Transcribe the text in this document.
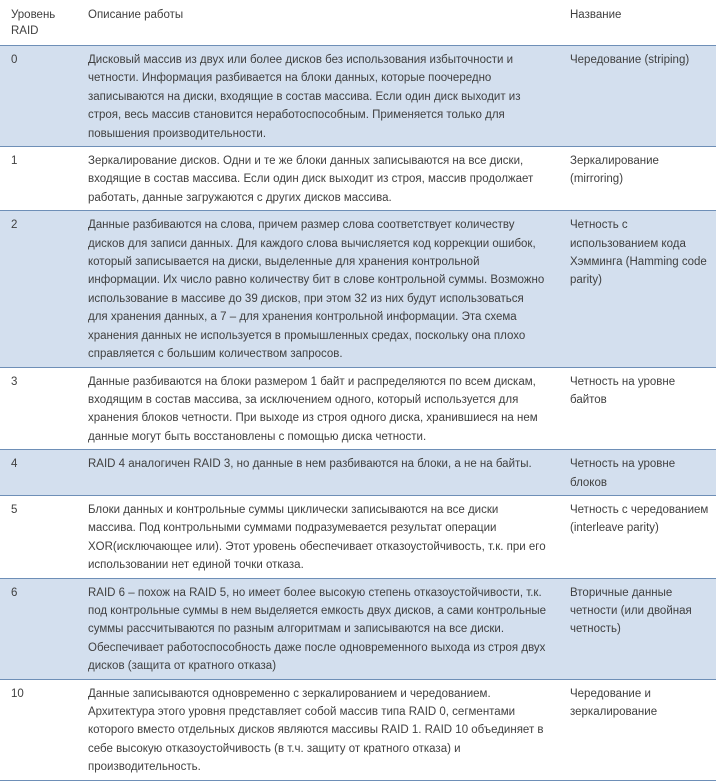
Уровень RAID	Описание работы	Название
0	Дисковый массив из двух или более дисков без использования избыточности и четности. Информация разбивается на блоки данных, которые поочередно записываются на диски, входящие в состав массива. Если один диск выходит из строя, весь массив становится неработоспособным. Применяется только для повышения производительности.	Чередование (striping)
1	Зеркалирование дисков. Одни и те же блоки данных записываются на все диски, входящие в состав массива. Если один диск выходит из строя, массив продолжает работать, данные загружаются с других дисков массива.	Зеркалирование (mirroring)
2	Данные разбиваются на слова, причем размер слова соответствует количеству дисков для записи данных. Для каждого слова вычисляется код коррекции ошибок, который записывается на диски, выделенные для хранения контрольной информации. Их число равно количеству бит в слове контрольной суммы. Возможно использование в массиве до 39 дисков, при этом 32 из них будут использоваться для хранения данных, а 7 – для хранения контрольной информации. Эта схема хранения данных не используется в промышленных средах, поскольку она плохо справляется с большим количеством запросов.	Четность с использованием кода Хэмминга (Hamming code parity)
3	Данные разбиваются на блоки размером 1 байт и распределяются по всем дискам, входящим в состав массива, за исключением одного, который используется для хранения блоков четности. При выходе из строя одного диска, хранившиеся на нем данные могут быть восстановлены с помощью диска четности.	Четность на уровне байтов
4	RAID 4 аналогичен RAID 3, но данные в нем разбиваются на блоки, а не на байты.	Четность на уровне блоков
5	Блоки данных и контрольные суммы циклически записываются на все диски массива. Под контрольными суммами подразумевается результат операции XOR(исключающее или). Этот уровень обеспечивает отказоустойчивость, т.к. при его использовании нет единой точки отказа.	Четность с чередованием (interleave parity)
6	RAID 6 – похож на RAID 5, но имеет более высокую степень отказоустойчивости, т.к. под контрольные суммы в нем выделяется емкость двух дисков, а сами контрольные суммы рассчитываются по разным алгоритмам и записываются на все диски. Обеспечивает работоспособность даже после одновременного выхода из строя двух дисков (защита от кратного отказа)	Вторичные данные четности (или двойная четность)
10	Данные записываются одновременно с зеркалированием и чередованием. Архитектура этого уровня представляет собой массив типа RAID 0, сегментами которого вместо отдельных дисков являются массивы RAID 1. RAID 10 объединяет в себе высокую отказоустойчивость (в т.ч. защиту от кратного отказа) и производительность.	Чередование и зеркалирование
